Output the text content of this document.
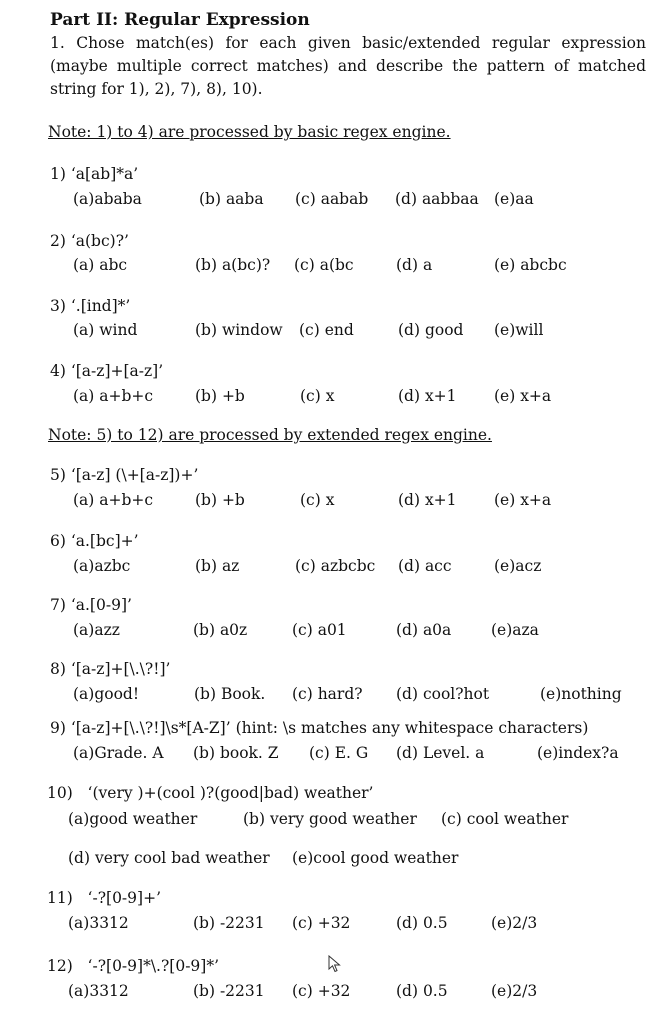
Part II: Regular Expression
1. Chose match(es) for each given basic/extended regular expression (maybe multiple correct matches) and describe the pattern of matched string for 1), 2), 7), 8), 10).
Note: 1) to 4) are processed by basic regex engine.
1) ‘a[ab]*a’
(a)ababa	(b) aaba (c) aabab (d) aabbaa (e)aa
2) ‘a(bc)?’
(a) abc	(b) a(bc)? (c) a(bc	(d) a	(e) abcbc
3) ‘.[ind]*’
(a) wind	(b) window (c) end	(d) good (e)will
4) ‘[a-z]+[a-z]’
(a) a+b+c	(b) +b	(c) x	(d) x+1 (e) x+a
Note: 5) to 12) are processed by extended regex engine.
5) ‘[a-z] (\+[a-z])+’
(a) a+b+c	(b) +b	(c) x	(d) x+1 (e) x+a
6) ‘a.[bc]+’
(a)azbc	(b) az	(c) azbcbc (d) acc	(e)acz
7) ‘a.[0-9]’
(a)azz	(b) a0z	(c) a01	(d) a0a	(e)aza
8) ‘[a-z]+[\.\?!]’
(a)good!	(b) Book. (c) hard? (d) cool?hot	(e)nothing
9) ‘[a-z]+[\.\?!]\s*[A-Z]’ (hint: \s matches any whitespace characters)
(a)Grade. A (b) book. Z (c) E. G (d) Level. a	(e)index?a
10)   ‘(very )+(cool )?(good|bad) weather’
(a)good weather	(b) very good weather (c) cool weather
(d) very cool bad weather (e)cool good weather
11)   ‘-?[0-9]+’
(a)3312	(b) -2231 (c) +32	(d) 0.5	(e)2/3
12)   ‘-?[0-9]*\.?[0-9]*’
(a)3312	(b) -2231 (c) +32	(d) 0.5	(e)2/3
